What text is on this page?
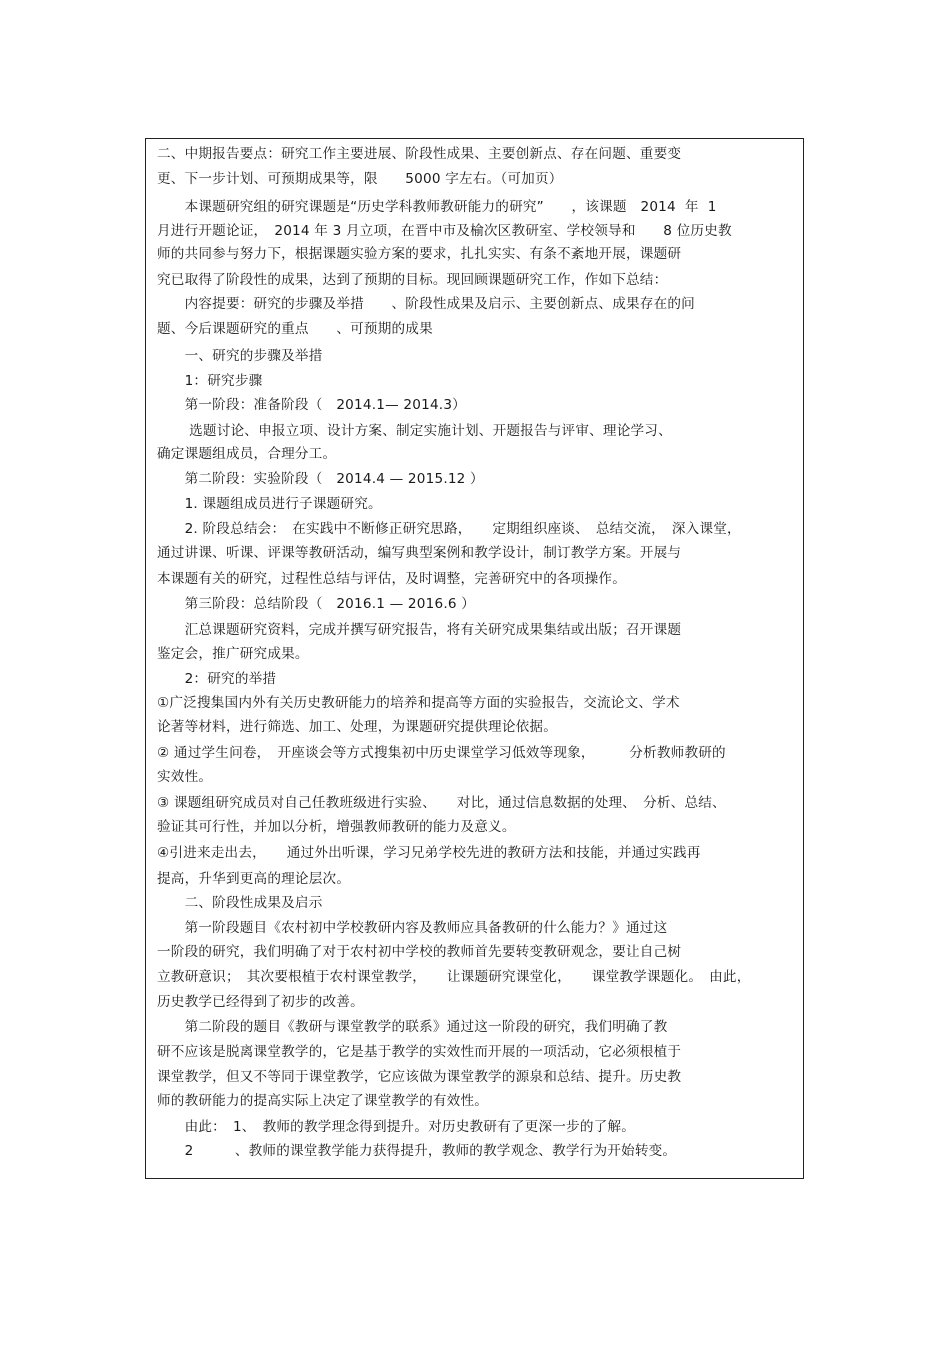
二、中期报告要点：研究工作主要进展、阶段性成果、主要创新点、存在问题、重要变
更、下一步计划、可预期成果等，限　　5000 字左右。（可加页）
　　本课题研究组的研究课题是“历史学科教师教研能力的研究”　　，该课题　2014  年  1
月进行开题论证，　2014 年 3 月立项，在晋中市及榆次区教研室、学校领导和　　8 位历史教
师的共同参与努力下，根据课题实验方案的要求，扎扎实实、有条不紊地开展，课题研
究已取得了阶段性的成果，达到了预期的目标。现回顾课题研究工作，作如下总结：
　　内容提要：研究的步骤及举措　　、阶段性成果及启示、主要创新点、成果存在的问
题、今后课题研究的重点　　、可预期的成果
　　一、研究的步骤及举措
　　1：研究步骤
　　第一阶段：准备阶段（　2014.1— 2014.3）
　　 选题讨论、申报立项、设计方案、制定实施计划、开题报告与评审、理论学习、
确定课题组成员，合理分工。
　　第二阶段：实验阶段（　2014.4 — 2015.12 ）
　　1. 课题组成员进行子课题研究。
　　2. 阶段总结会：　在实践中不断修正研究思路，　　定期组织座谈、　总结交流，　深入课堂，
通过讲课、听课、评课等教研活动，编写典型案例和教学设计，制订教学方案。开展与
本课题有关的研究，过程性总结与评估，及时调整，完善研究中的各项操作。
　　第三阶段：总结阶段（　2016.1 — 2016.6 ）
　　汇总课题研究资料，完成并撰写研究报告，将有关研究成果集结或出版；召开课题
鉴定会，推广研究成果。
　　2：研究的举措
①广泛搜集国内外有关历史教研能力的培养和提高等方面的实验报告，交流论文、学术
论著等材料，进行筛选、加工、处理，为课题研究提供理论依据。
② 通过学生问卷，　开座谈会等方式搜集初中历史课堂学习低效等现象，　　　分析教师教研的
实效性。
③ 课题组研究成员对自己任教班级进行实验、　　对比，通过信息数据的处理、　分析、总结、
验证其可行性，并加以分析，增强教师教研的能力及意义。
④引进来走出去，　　通过外出听课，学习兄弟学校先进的教研方法和技能，并通过实践再
提高，升华到更高的理论层次。
　　二、阶段性成果及启示
　　第一阶段题目《农村初中学校教研内容及教师应具备教研的什么能力？》通过这
一阶段的研究，我们明确了对于农村初中学校的教师首先要转变教研观念，要让自己树
立教研意识；　其次要根植于农村课堂教学，　　让课题研究课堂化，　　课堂教学课题化。　由此，
历史教学已经得到了初步的改善。
　　第二阶段的题目《教研与课堂教学的联系》通过这一阶段的研究，我们明确了教
研不应该是脱离课堂教学的，它是基于教学的实效性而开展的一项活动，它必须根植于
课堂教学，但又不等同于课堂教学，它应该做为课堂教学的源泉和总结、提升。历史教
师的教研能力的提高实际上决定了课堂教学的有效性。
　　由此：　1、　教师的教学理念得到提升。对历史教研有了更深一步的了解。
　　2　　　、教师的课堂教学能力获得提升，教师的教学观念、教学行为开始转变。
